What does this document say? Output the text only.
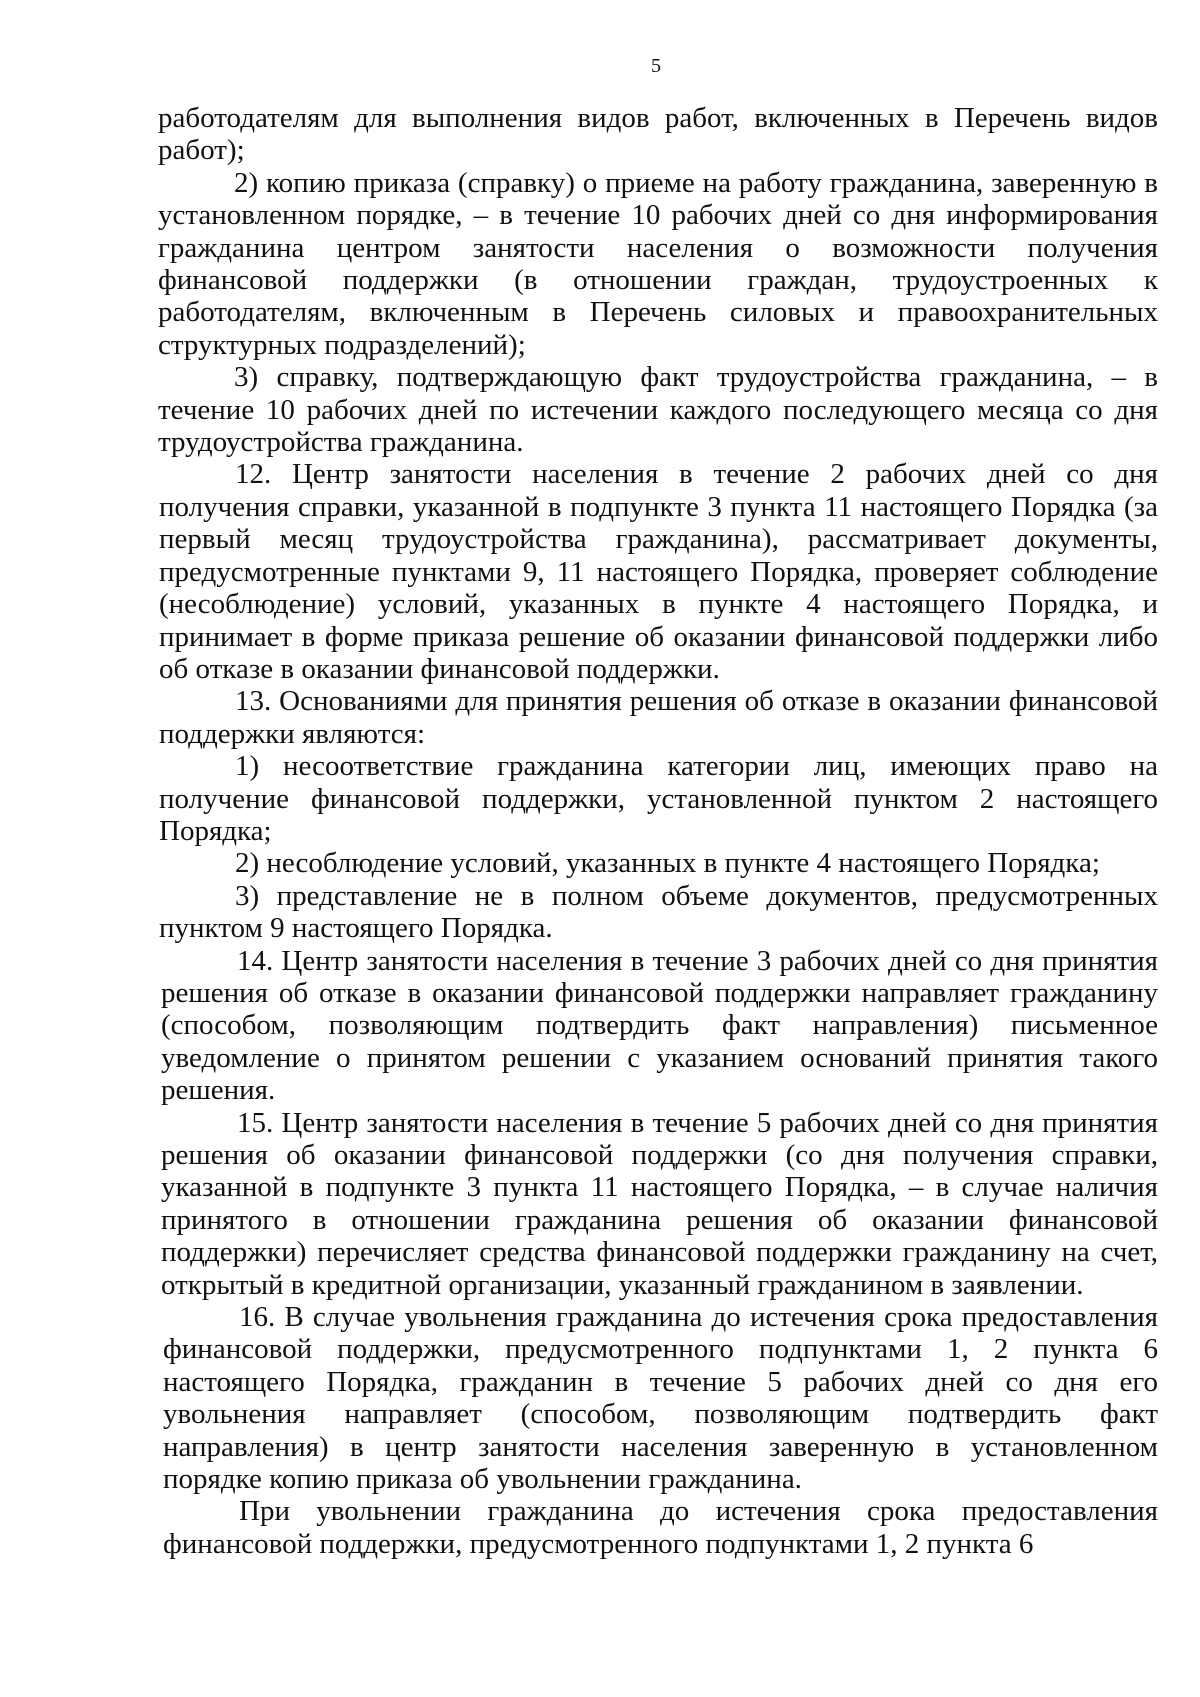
5

работодателям для выполнения видов работ, включенных в Перечень видов работ);

2) копию приказа (справку) о приеме на работу гражданина, заверенную в установленном порядке, – в течение 10 рабочих дней со дня информирования гражданина центром занятости населения о возможности получения финансовой поддержки (в отношении граждан, трудоустроенных к работодателям, включенным в Перечень силовых и правоохранительных структурных подразделений);

3) справку, подтверждающую факт трудоустройства гражданина, – в течение 10 рабочих дней по истечении каждого последующего месяца со дня трудоустройства гражданина.

12. Центр занятости населения в течение 2 рабочих дней со дня получения справки, указанной в подпункте 3 пункта 11 настоящего Порядка (за первый месяц трудоустройства гражданина), рассматривает документы, предусмотренные пунктами 9, 11 настоящего Порядка, проверяет соблюдение (несоблюдение) условий, указанных в пункте 4 настоящего Порядка, и принимает в форме приказа решение об оказании финансовой поддержки либо об отказе в оказании финансовой поддержки.

13. Основаниями для принятия решения об отказе в оказании финансовой поддержки являются:

1) несоответствие гражданина категории лиц, имеющих право на получение финансовой поддержки, установленной пунктом 2 настоящего Порядка;

2) несоблюдение условий, указанных в пункте 4 настоящего Порядка;

3) представление не в полном объеме документов, предусмотренных пунктом 9 настоящего Порядка.

14. Центр занятости населения в течение 3 рабочих дней со дня принятия решения об отказе в оказании финансовой поддержки направляет гражданину (способом, позволяющим подтвердить факт направления) письменное уведомление о принятом решении с указанием оснований принятия такого решения.

15. Центр занятости населения в течение 5 рабочих дней со дня принятия решения об оказании финансовой поддержки (со дня получения справки, указанной в подпункте 3 пункта 11 настоящего Порядка, – в случае наличия принятого в отношении гражданина решения об оказании финансовой поддержки) перечисляет средства финансовой поддержки гражданину на счет, открытый в кредитной организации, указанный гражданином в заявлении.

16. В случае увольнения гражданина до истечения срока предоставления финансовой поддержки, предусмотренного подпунктами 1, 2 пункта 6 настоящего Порядка, гражданин в течение 5 рабочих дней со дня его увольнения направляет (способом, позволяющим подтвердить факт направления) в центр занятости населения заверенную в установленном порядке копию приказа об увольнении гражданина.

При увольнении гражданина до истечения срока предоставления финансовой поддержки, предусмотренного подпунктами 1, 2 пункта 6
